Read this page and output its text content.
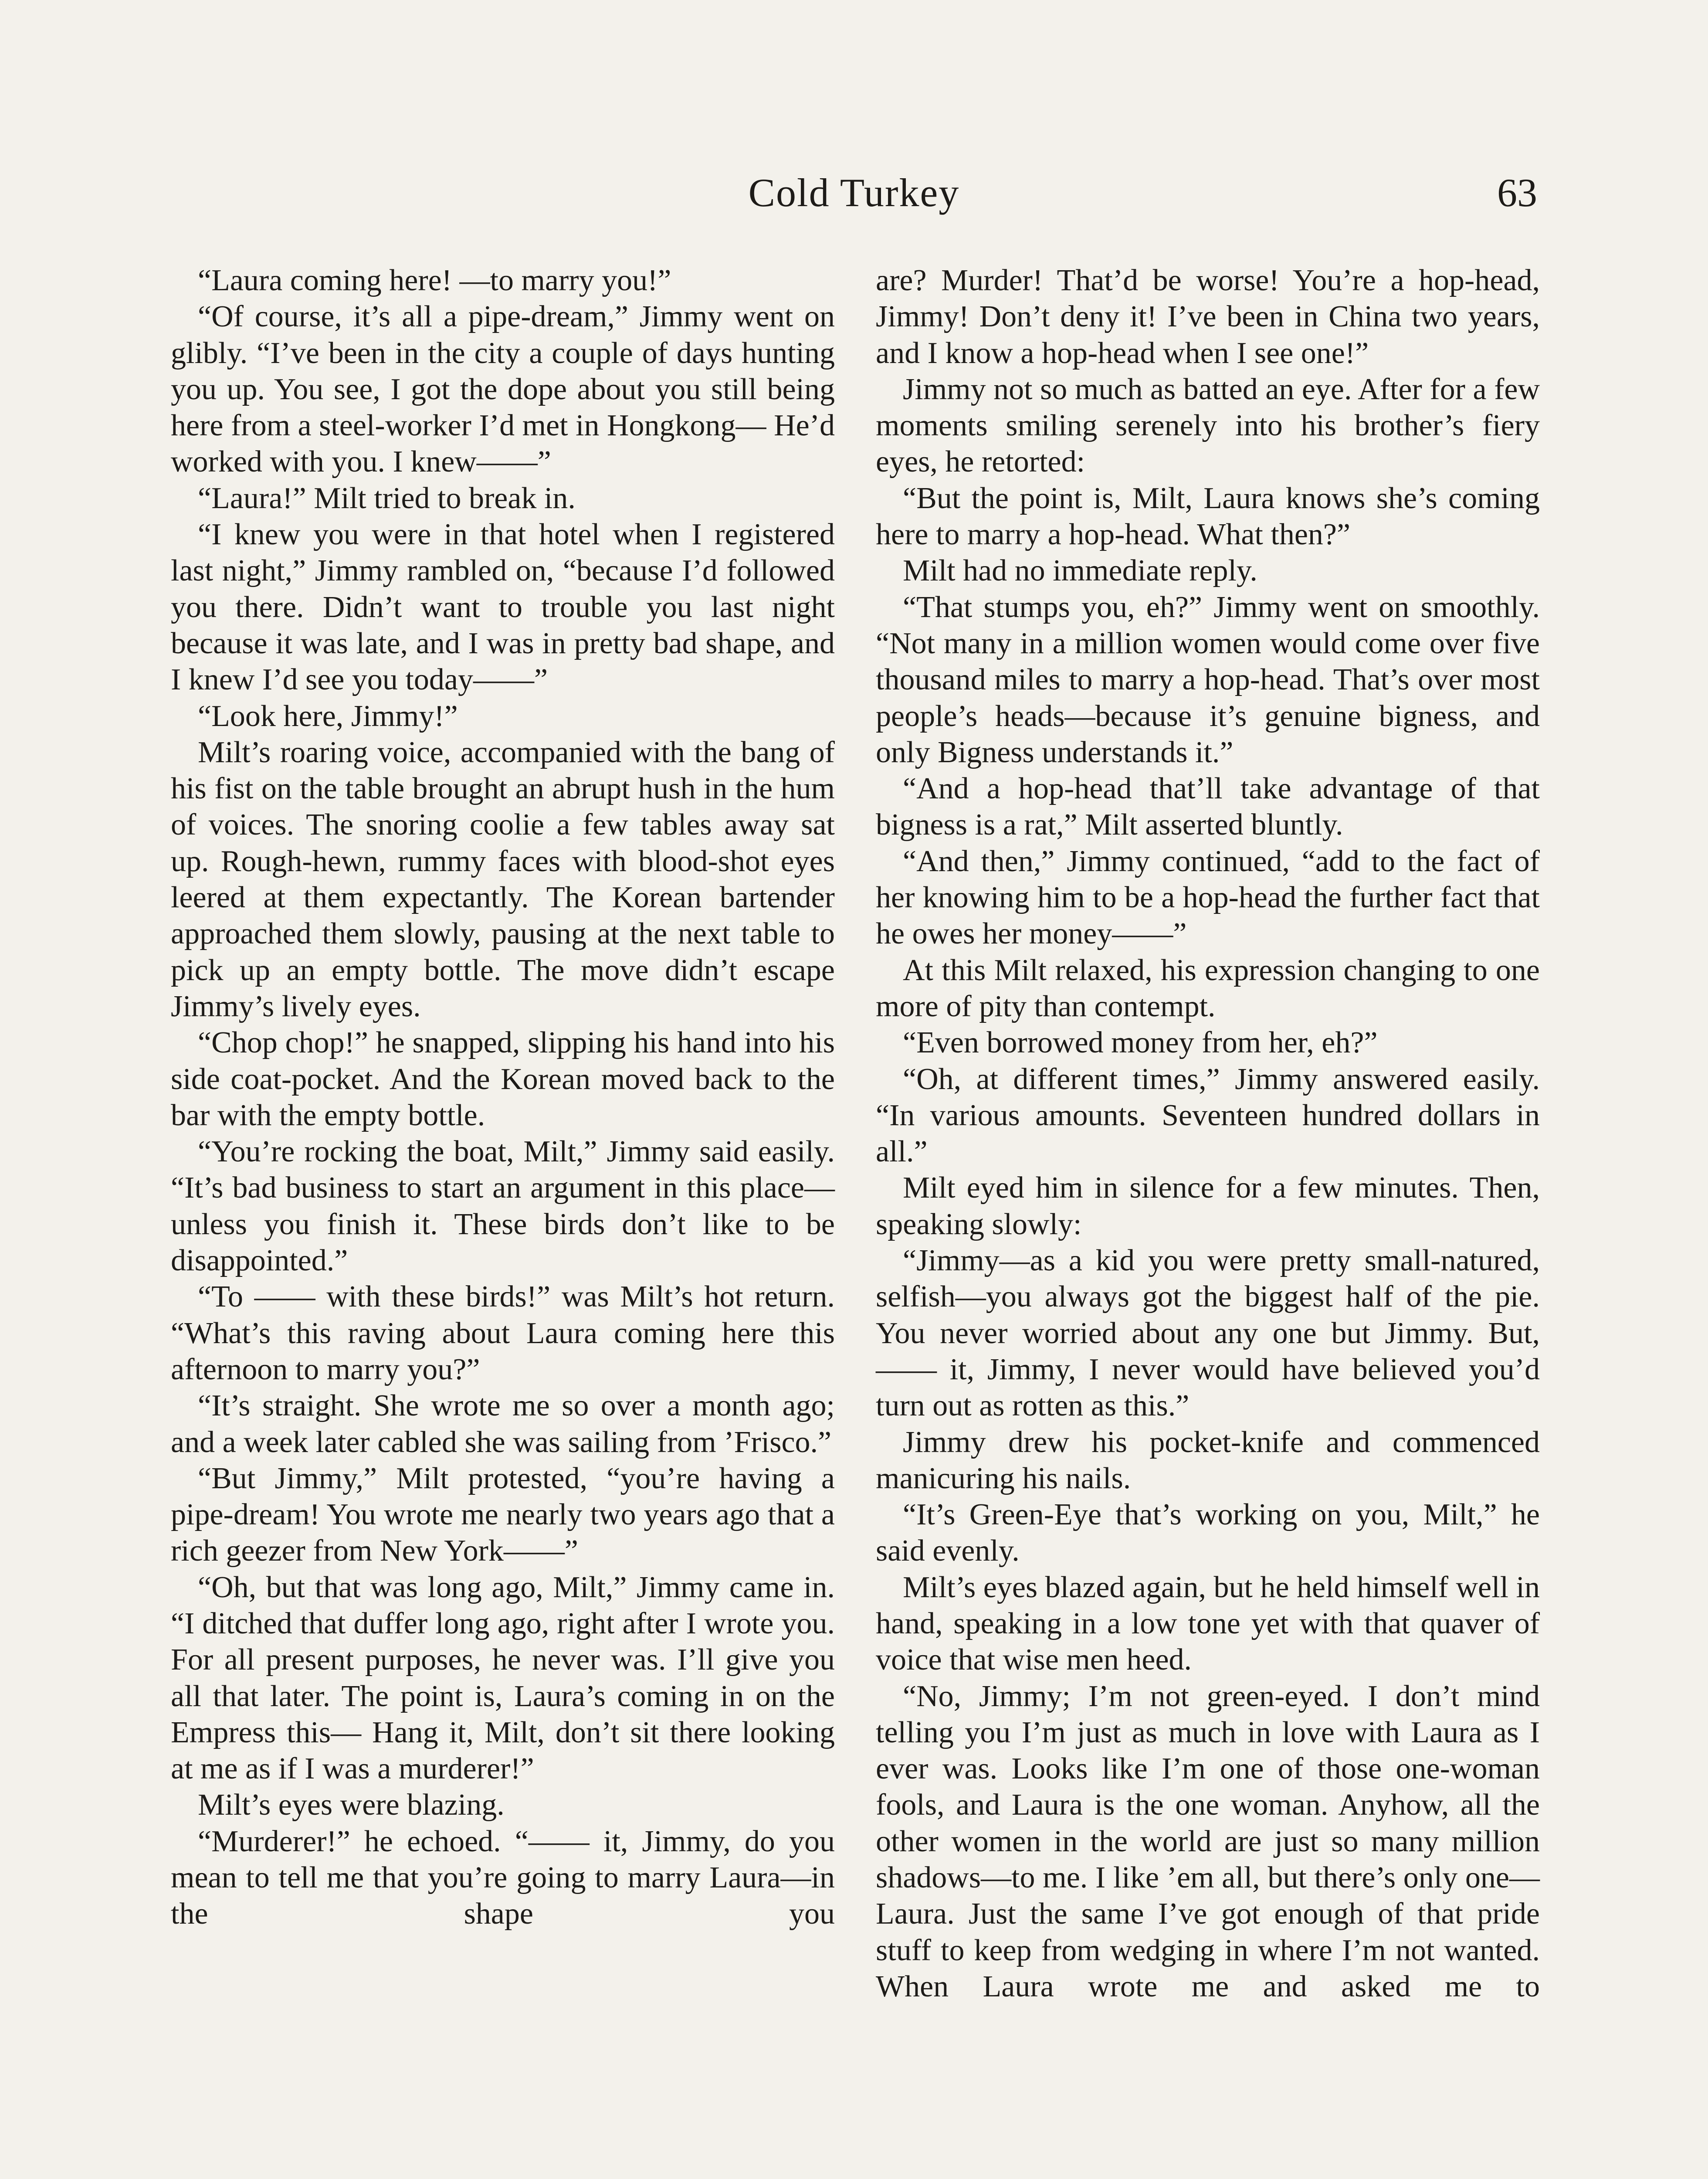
Cold Turkey	63

“Laura coming here! —to marry you!”

“Of course, it’s all a pipe-dream,” Jimmy went on glibly. “I’ve been in the city a couple of days hunting you up. You see, I got the dope about you still being here from a steel-worker I’d met in Hongkong— He’d worked with you. I knew——”

“Laura!” Milt tried to break in.

“I knew you were in that hotel when I registered last night,” Jimmy rambled on, “because I’d followed you there. Didn’t want to trouble you last night because it was late, and I was in pretty bad shape, and I knew I’d see you today——”

“Look here, Jimmy!”

Milt’s roaring voice, accompanied with the bang of his fist on the table brought an abrupt hush in the hum of voices. The snoring coolie a few tables away sat up. Rough-hewn, rummy faces with blood-shot eyes leered at them expectantly. The Korean bartender approached them slowly, pausing at the next table to pick up an empty bottle. The move didn’t escape Jimmy’s lively eyes.

“Chop chop!” he snapped, slipping his hand into his side coat-pocket. And the Korean moved back to the bar with the empty bottle.

“You’re rocking the boat, Milt,” Jimmy said easily. “It’s bad business to start an argument in this place—unless you finish it. These birds don’t like to be disappointed.”

“To —— with these birds!” was Milt’s hot return. “What’s this raving about Laura coming here this afternoon to marry you?”

“It’s straight. She wrote me so over a month ago; and a week later cabled she was sailing from ’Frisco.”

“But Jimmy,” Milt protested, “you’re having a pipe-dream! You wrote me nearly two years ago that a rich geezer from New York——”

“Oh, but that was long ago, Milt,” Jimmy came in. “I ditched that duffer long ago, right after I wrote you. For all present purposes, he never was. I’ll give you all that later. The point is, Laura’s coming in on the Empress this— Hang it, Milt, don’t sit there looking at me as if I was a murderer!”

Milt’s eyes were blazing.

“Murderer!” he echoed. “—— it, Jimmy, do you mean to tell me that you’re going to marry Laura—in the shape you

are? Murder! That’d be worse! You’re a hop-head, Jimmy! Don’t deny it! I’ve been in China two years, and I know a hop-head when I see one!”

Jimmy not so much as batted an eye. After for a few moments smiling serenely into his brother’s fiery eyes, he retorted:

“But the point is, Milt, Laura knows she’s coming here to marry a hop-head. What then?”

Milt had no immediate reply.

“That stumps you, eh?” Jimmy went on smoothly. “Not many in a million women would come over five thousand miles to marry a hop-head. That’s over most people’s heads—because it’s genuine bigness, and only Bigness understands it.”

“And a hop-head that’ll take advantage of that bigness is a rat,” Milt asserted bluntly.

“And then,” Jimmy continued, “add to the fact of her knowing him to be a hop-head the further fact that he owes her money——”

At this Milt relaxed, his expression changing to one more of pity than contempt.

“Even borrowed money from her, eh?”

“Oh, at different times,” Jimmy answered easily. “In various amounts. Seventeen hundred dollars in all.”

Milt eyed him in silence for a few minutes. Then, speaking slowly:

“Jimmy—as a kid you were pretty small-natured, selfish—you always got the biggest half of the pie. You never worried about any one but Jimmy. But, —— it, Jimmy, I never would have believed you’d turn out as rotten as this.”

Jimmy drew his pocket-knife and commenced manicuring his nails.

“It’s Green-Eye that’s working on you, Milt,” he said evenly.

Milt’s eyes blazed again, but he held himself well in hand, speaking in a low tone yet with that quaver of voice that wise men heed.

“No, Jimmy; I’m not green-eyed. I don’t mind telling you I’m just as much in love with Laura as I ever was. Looks like I’m one of those one-woman fools, and Laura is the one woman. Anyhow, all the other women in the world are just so many million shadows—to me. I like ’em all, but there’s only one—Laura. Just the same I’ve got enough of that pride stuff to keep from wedging in where I’m not wanted. When Laura wrote me and asked me to
